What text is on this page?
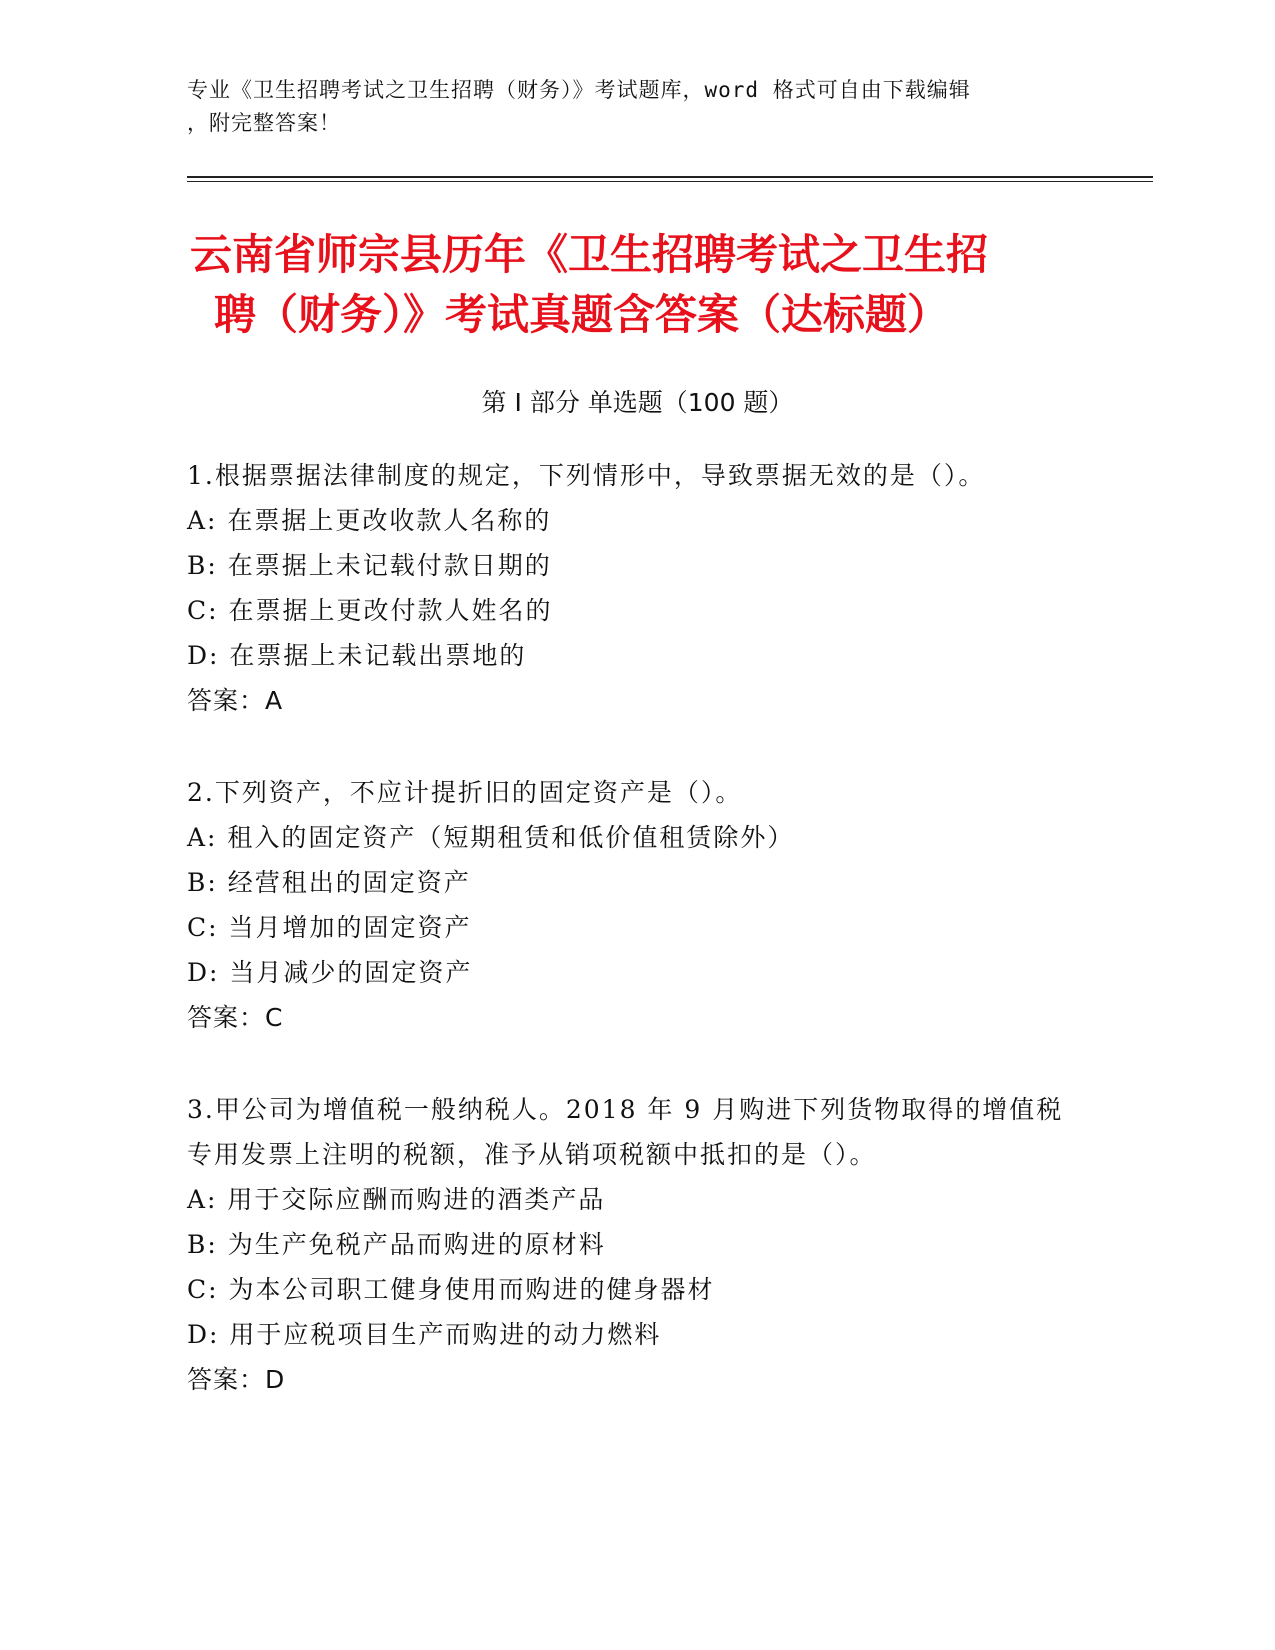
专业《卫生招聘考试之卫生招聘（财务）》考试题库，word 格式可自由下载编辑
，附完整答案！
云南省师宗县历年《卫生招聘考试之卫生招
聘（财务）》考试真题含答案（达标题）
第 I 部分 单选题（100 题）
1.根据票据法律制度的规定，下列情形中，导致票据无效的是（）。
A: 在票据上更改收款人名称的
B: 在票据上未记载付款日期的
C: 在票据上更改付款人姓名的
D: 在票据上未记载出票地的
答案：A
2.下列资产，不应计提折旧的固定资产是（）。
A: 租入的固定资产（短期租赁和低价值租赁除外）
B: 经营租出的固定资产
C: 当月增加的固定资产
D: 当月减少的固定资产
答案：C
3.甲公司为增值税一般纳税人。2018 年 9 月购进下列货物取得的增值税专用发票上注明的税额，准予从销项税额中抵扣的是（）。
A: 用于交际应酬而购进的酒类产品
B: 为生产免税产品而购进的原材料
C: 为本公司职工健身使用而购进的健身器材
D: 用于应税项目生产而购进的动力燃料
答案：D
